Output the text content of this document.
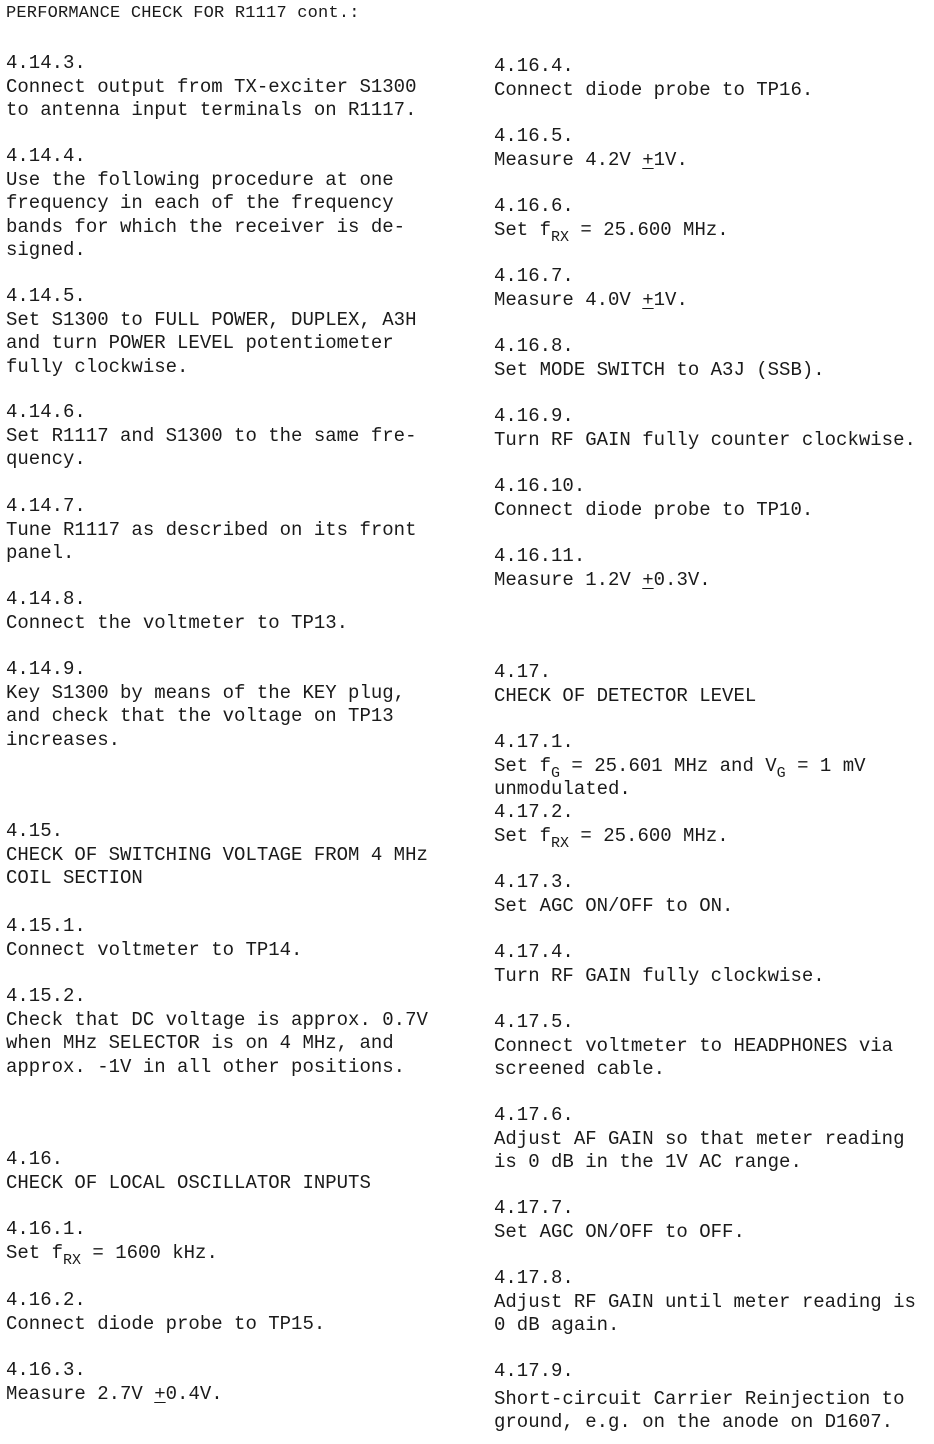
PERFORMANCE CHECK FOR R1117 cont.:
4.14.3.
Connect output from TX-exciter S1300
to antenna input terminals on R1117.
4.14.4.
Use the following procedure at one
frequency in each of the frequency
bands for which the receiver is de-
signed.
4.14.5.
Set S1300 to FULL POWER, DUPLEX, A3H
and turn POWER LEVEL potentiometer
fully clockwise.
4.14.6.
Set R1117 and S1300 to the same fre-
quency.
4.14.7.
Tune R1117 as described on its front
panel.
4.14.8.
Connect the voltmeter to TP13.
4.14.9.
Key S1300 by means of the KEY plug,
and check that the voltage on TP13
increases.
4.15.
CHECK OF SWITCHING VOLTAGE FROM 4 MHz
COIL SECTION
4.15.1.
Connect voltmeter to TP14.
4.15.2.
Check that DC voltage is approx. 0.7V
when MHz SELECTOR is on 4 MHz, and
approx. -1V in all other positions.
4.16.
CHECK OF LOCAL OSCILLATOR INPUTS
4.16.1.
Set $f_{RX} = 1600$ kHz.
4.16.2.
Connect diode probe to TP15.
4.16.3.
Measure 2.7V +0.4V.
4.16.4.
Connect diode probe to TP16.
4.16.5.
Measure 4.2V +1V.
4.16.6.
Set $f_{RX} = 25.600$ MHz.
4.16.7.
Measure 4.0V +1V.
4.16.8.
Set MODE SWITCH to A3J (SSB).
4.16.9.
Turn RF GAIN fully counter clockwise.
4.16.10.
Connect diode probe to TP10.
4.16.11.
Measure 1.2V +0.3V.
4.17.
CHECK OF DETECTOR LEVEL
4.17.1.
Set $f_G = 25.601$ MHz and $V_G = 1$ mV
unmodulated.
4.17.2.
Set $f_{RX} = 25.600$ MHz.
4.17.3.
Set AGC ON/OFF to ON.
4.17.4.
Turn RF GAIN fully clockwise.
4.17.5.
Connect voltmeter to HEADPHONES via
screened cable.
4.17.6.
Adjust AF GAIN so that meter reading
is 0 dB in the 1V AC range.
4.17.7.
Set AGC ON/OFF to OFF.
4.17.8.
Adjust RF GAIN until meter reading is
0 dB again.
4.17.9.
Short-circuit Carrier Reinjection to
ground, e.g. on the anode on D1607.
